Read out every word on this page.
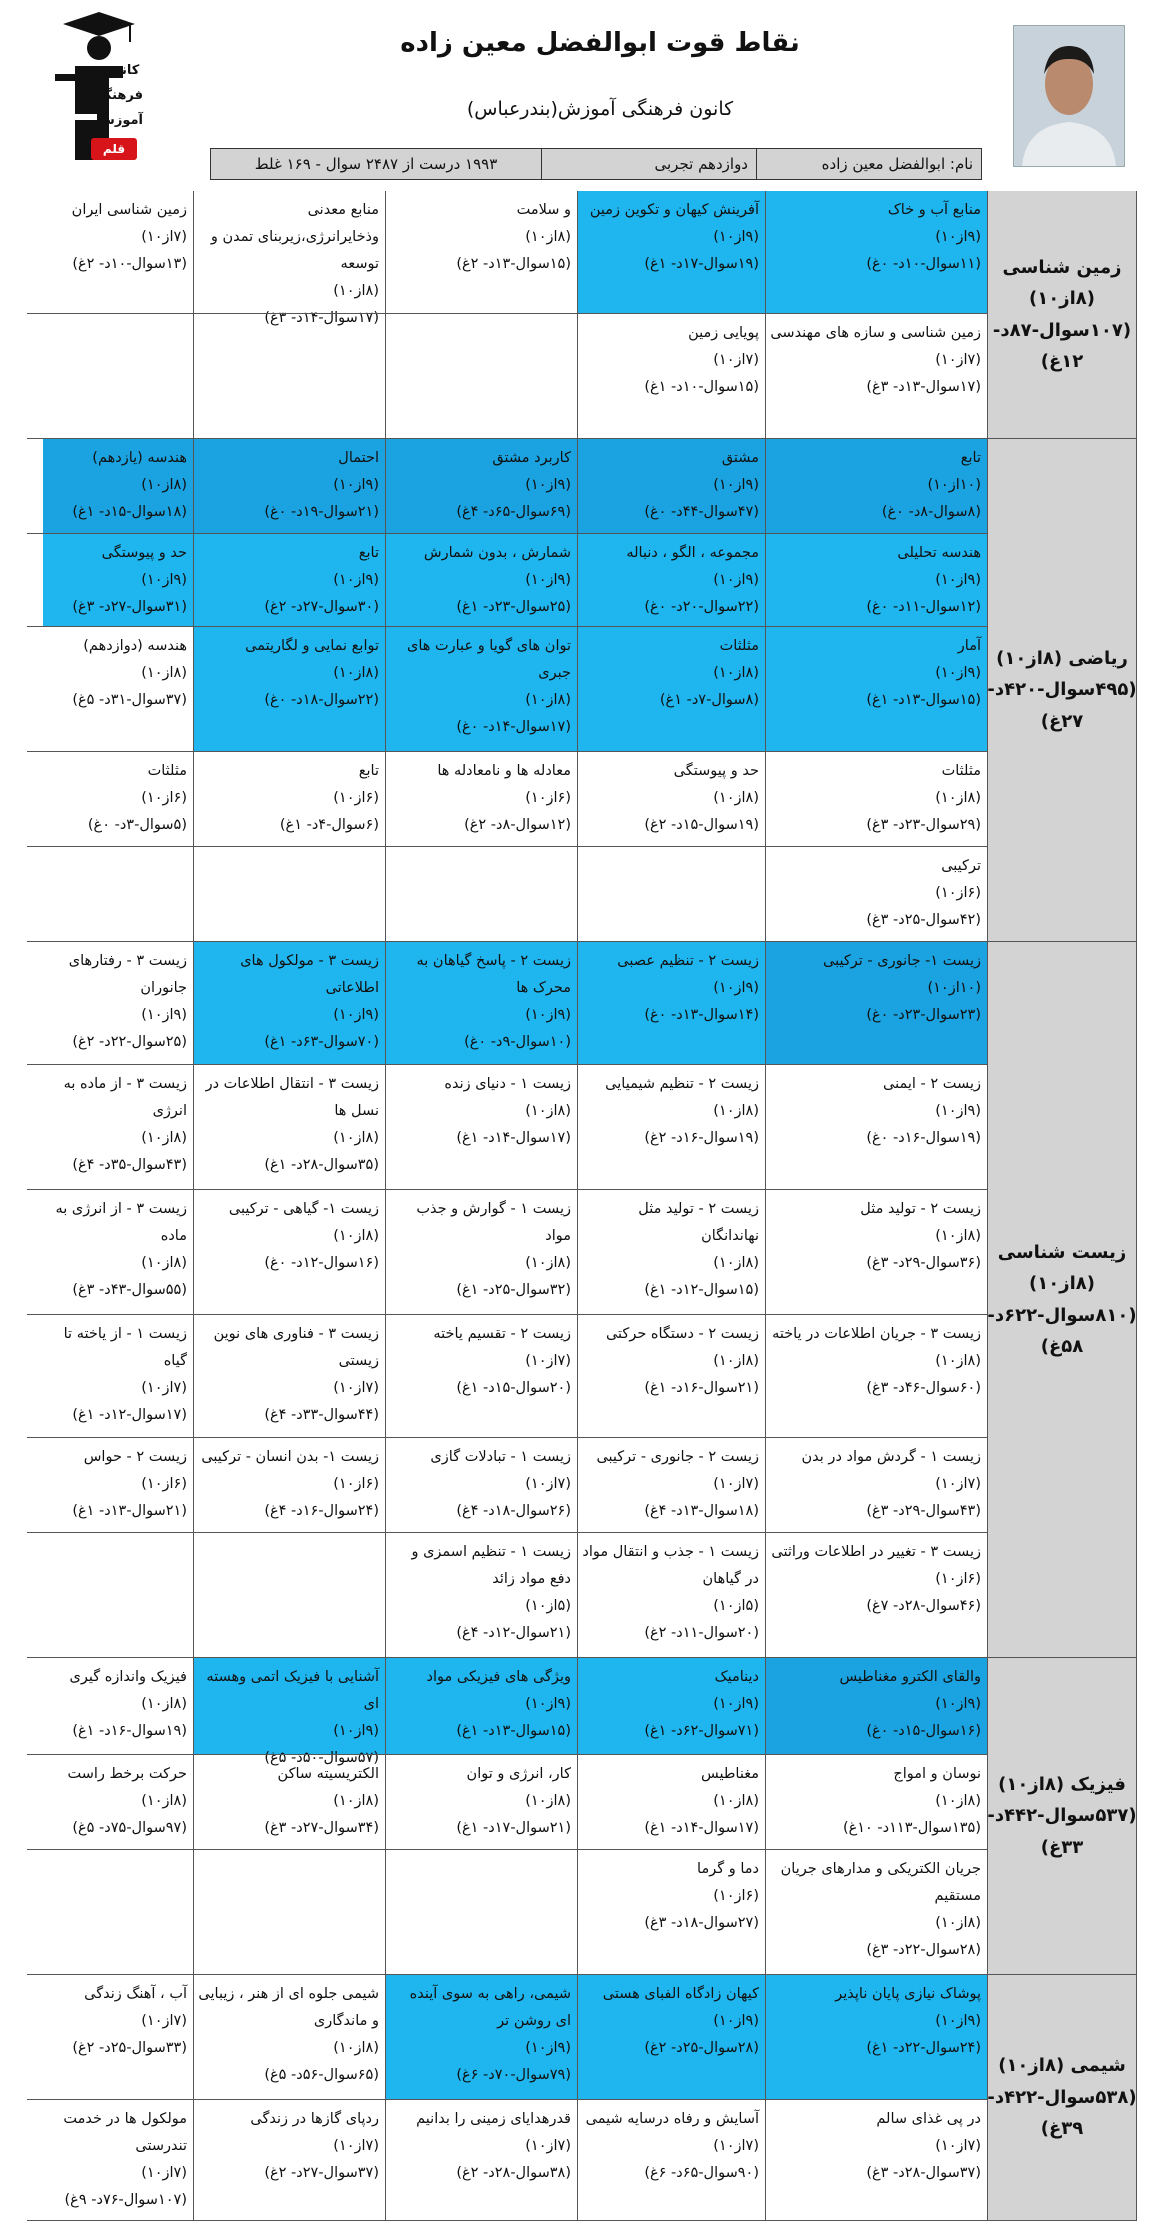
کانون
فرهنگی
آموزش
قلم چی
نقاط قوت ابوالفضل معین زاده
کانون فرهنگی آموزش(بندرعباس)
نام: ابوالفضل معین زاده
دوازدهم تجربی
۱۹۹۳ درست از ۲۴۸۷ سوال - ۱۶۹ غلط
زمین شناسی (۸از۱۰) (۱۰۷سوال-۸۷د- ۱۲غ)
منابع آب و خاک
(۹از۱۰)
(۱۱سوال-۱۰د- ۰غ)
آفرینش کیهان و تکوین زمین
(۹از۱۰)
(۱۹سوال-۱۷د- ۱غ)
و سلامت
(۸از۱۰)
(۱۵سوال-۱۳د- ۲غ)
منابع معدنی وذخایرانرژی،زیربنای تمدن و توسعه
(۸از۱۰)
(۱۷سوال-۱۴د- ۳غ)
زمین شناسی ایران
(۷از۱۰)
(۱۳سوال-۱۰د- ۲غ)
زمین شناسی و سازه های مهندسی
(۷از۱۰)
(۱۷سوال-۱۳د- ۳غ)
پویایی زمین
(۷از۱۰)
(۱۵سوال-۱۰د- ۱غ)
ریاضی (۸از۱۰) (۴۹۵سوال-۴۲۰د- ۲۷غ)
تابع
(۱۰از۱۰)
(۸سوال-۸د- ۰غ)
مشتق
(۹از۱۰)
(۴۷سوال-۴۴د- ۰غ)
کاربرد مشتق
(۹از۱۰)
(۶۹سوال-۶۵د- ۴غ)
احتمال
(۹از۱۰)
(۲۱سوال-۱۹د- ۰غ)
هندسه (یازدهم)
(۸از۱۰)
(۱۸سوال-۱۵د- ۱غ)
هندسه تحلیلی
(۹از۱۰)
(۱۲سوال-۱۱د- ۰غ)
مجموعه ، الگو ، دنباله
(۹از۱۰)
(۲۲سوال-۲۰د- ۰غ)
شمارش ، بدون شمارش
(۹از۱۰)
(۲۵سوال-۲۳د- ۱غ)
تابع
(۹از۱۰)
(۳۰سوال-۲۷د- ۲غ)
حد و پیوستگی
(۹از۱۰)
(۳۱سوال-۲۷د- ۳غ)
آمار
(۹از۱۰)
(۱۵سوال-۱۳د- ۱غ)
مثلثات
(۸از۱۰)
(۸سوال-۷د- ۱غ)
توان های گویا و عبارت های جبری
(۸از۱۰)
(۱۷سوال-۱۴د- ۰غ)
توابع نمایی و لگاریتمی
(۸از۱۰)
(۲۲سوال-۱۸د- ۰غ)
هندسه (دوازدهم)
(۸از۱۰)
(۳۷سوال-۳۱د- ۵غ)
مثلثات
(۸از۱۰)
(۲۹سوال-۲۳د- ۳غ)
حد و پیوستگی
(۸از۱۰)
(۱۹سوال-۱۵د- ۲غ)
معادله ها و نامعادله ها
(۶از۱۰)
(۱۲سوال-۸د- ۲غ)
تابع
(۶از۱۰)
(۶سوال-۴د- ۱غ)
مثلثات
(۶از۱۰)
(۵سوال-۳د- ۰غ)
ترکیبی
(۶از۱۰)
(۴۲سوال-۲۵د- ۳غ)
زیست شناسی (۸از۱۰) (۸۱۰سوال-۶۲۲د- ۵۸غ)
زیست ۱- جانوری - ترکیبی
(۱۰از۱۰)
(۲۳سوال-۲۳د- ۰غ)
زیست ۲ - تنظیم عصبی
(۹از۱۰)
(۱۴سوال-۱۳د- ۰غ)
زیست ۲ - پاسخ گیاهان به محرک ها
(۹از۱۰)
(۱۰سوال-۹د- ۰غ)
زیست ۳ - مولکول های اطلاعاتی
(۹از۱۰)
(۷۰سوال-۶۳د- ۱غ)
زیست ۳ - رفتارهای جانوران
(۹از۱۰)
(۲۵سوال-۲۲د- ۲غ)
زیست ۲ - ایمنی
(۹از۱۰)
(۱۹سوال-۱۶د- ۰غ)
زیست ۲ - تنظیم شیمیایی
(۸از۱۰)
(۱۹سوال-۱۶د- ۲غ)
زیست ۱ - دنیای زنده
(۸از۱۰)
(۱۷سوال-۱۴د- ۱غ)
زیست ۳ - انتقال اطلاعات در نسل ها
(۸از۱۰)
(۳۵سوال-۲۸د- ۱غ)
زیست ۳ - از ماده به انرژی
(۸از۱۰)
(۴۳سوال-۳۵د- ۴غ)
زیست ۲ - تولید مثل
(۸از۱۰)
(۳۶سوال-۲۹د- ۳غ)
زیست ۲ - تولید مثل نهاندانگان
(۸از۱۰)
(۱۵سوال-۱۲د- ۱غ)
زیست ۱ - گوارش و جذب مواد
(۸از۱۰)
(۳۲سوال-۲۵د- ۱غ)
زیست ۱- گیاهی - ترکیبی
(۸از۱۰)
(۱۶سوال-۱۲د- ۰غ)
زیست ۳ - از انرژی به ماده
(۸از۱۰)
(۵۵سوال-۴۳د- ۳غ)
زیست ۳ - جریان اطلاعات در یاخته
(۸از۱۰)
(۶۰سوال-۴۶د- ۳غ)
زیست ۲ - دستگاه حرکتی
(۸از۱۰)
(۲۱سوال-۱۶د- ۱غ)
زیست ۲ - تقسیم یاخته
(۷از۱۰)
(۲۰سوال-۱۵د- ۱غ)
زیست ۳ - فناوری های نوین زیستی
(۷از۱۰)
(۴۴سوال-۳۳د- ۴غ)
زیست ۱ - از یاخته تا گیاه
(۷از۱۰)
(۱۷سوال-۱۲د- ۱غ)
زیست ۱ - گردش مواد در بدن
(۷از۱۰)
(۴۳سوال-۲۹د- ۳غ)
زیست ۲ - جانوری - ترکیبی
(۷از۱۰)
(۱۸سوال-۱۳د- ۴غ)
زیست ۱ - تبادلات گازی
(۷از۱۰)
(۲۶سوال-۱۸د- ۴غ)
زیست ۱- بدن انسان - ترکیبی
(۶از۱۰)
(۲۴سوال-۱۶د- ۴غ)
زیست ۲ - حواس
(۶از۱۰)
(۲۱سوال-۱۳د- ۱غ)
زیست ۳ - تغییر در اطلاعات وراثتی
(۶از۱۰)
(۴۶سوال-۲۸د- ۷غ)
زیست ۱ - جذب و انتقال مواد در گیاهان
(۵از۱۰)
(۲۰سوال-۱۱د- ۲غ)
زیست ۱ - تنظیم اسمزی و دفع مواد زائد
(۵از۱۰)
(۲۱سوال-۱۲د- ۴غ)
فیزیک (۸از۱۰) (۵۳۷سوال-۴۴۲د- ۳۳غ)
والقای الکترو مغناطیس
(۹از۱۰)
(۱۶سوال-۱۵د- ۰غ)
دینامیک
(۹از۱۰)
(۷۱سوال-۶۲د- ۱غ)
ویژگی های فیزیکی مواد
(۹از۱۰)
(۱۵سوال-۱۳د- ۱غ)
آشنایی با فیزیک اتمی وهسته ای
(۹از۱۰)
(۵۷سوال-۵۰د- ۵غ)
فیزیک واندازه گیری
(۸از۱۰)
(۱۹سوال-۱۶د- ۱غ)
نوسان و امواج
(۸از۱۰)
(۱۳۵سوال-۱۱۳د- ۱۰غ)
مغناطیس
(۸از۱۰)
(۱۷سوال-۱۴د- ۱غ)
کار، انرژی و توان
(۸از۱۰)
(۲۱سوال-۱۷د- ۱غ)
الکتریسیته ساکن
(۸از۱۰)
(۳۴سوال-۲۷د- ۳غ)
حرکت برخط راست
(۸از۱۰)
(۹۷سوال-۷۵د- ۵غ)
جریان الکتریکی و مدارهای جریان مستقیم
(۸از۱۰)
(۲۸سوال-۲۲د- ۳غ)
دما و گرما
(۶از۱۰)
(۲۷سوال-۱۸د- ۳غ)
شیمی (۸از۱۰) (۵۳۸سوال-۴۲۲د- ۳۹غ)
پوشاک نیازی پایان ناپذیر
(۹از۱۰)
(۲۴سوال-۲۲د- ۱غ)
کیهان زادگاه الفبای هستی
(۹از۱۰)
(۲۸سوال-۲۵د- ۲غ)
شیمی، راهی به سوی آینده ای روشن تر
(۹از۱۰)
(۷۹سوال-۷۰د- ۶غ)
شیمی جلوه ای از هنر ، زیبایی و ماندگاری
(۸از۱۰)
(۶۵سوال-۵۶د- ۵غ)
آب ، آهنگ زندگی
(۷از۱۰)
(۳۳سوال-۲۵د- ۲غ)
در پی غذای سالم
(۷از۱۰)
(۳۷سوال-۲۸د- ۳غ)
آسایش و رفاه درسایه شیمی
(۷از۱۰)
(۹۰سوال-۶۵د- ۶غ)
قدرهدایای زمینی را بدانیم
(۷از۱۰)
(۳۸سوال-۲۸د- ۲غ)
ردپای گازها در زندگی
(۷از۱۰)
(۳۷سوال-۲۷د- ۲غ)
مولکول ها در خدمت تندرستی
(۷از۱۰)
(۱۰۷سوال-۷۶د- ۹غ)
